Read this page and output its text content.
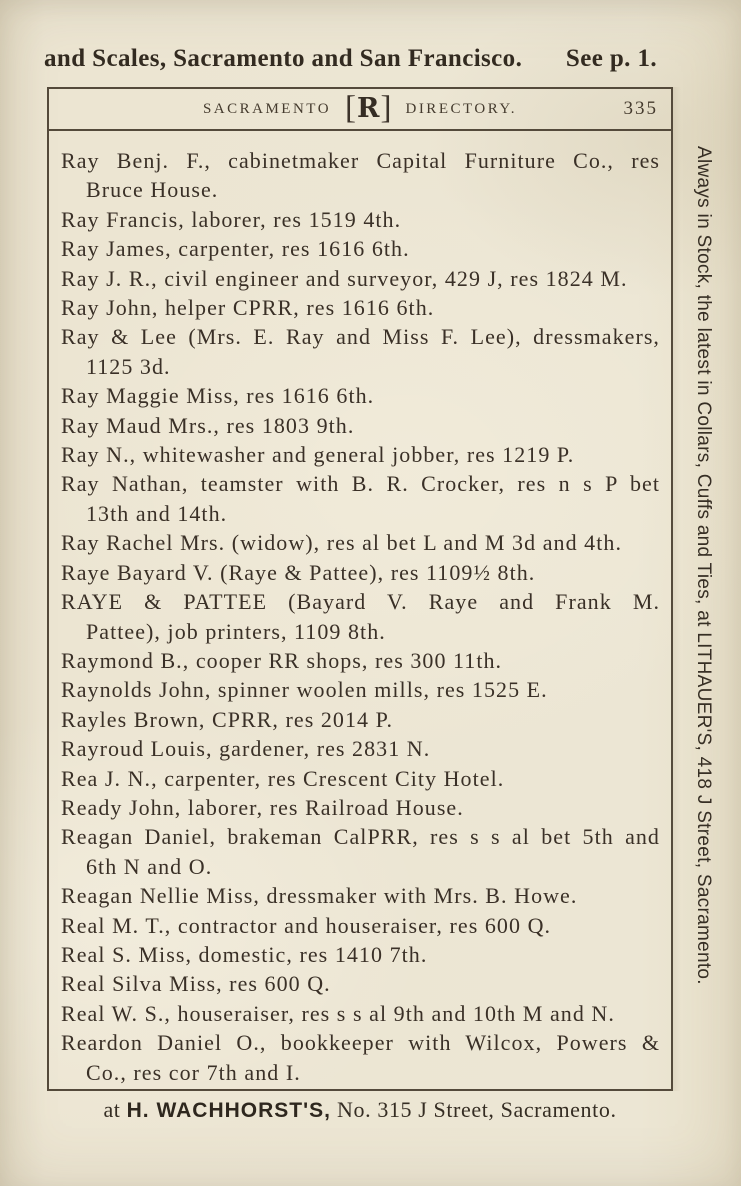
and Scales, Sacramento and San Francisco. See p. 1.
SACRAMENTO [ R ] DIRECTORY.	335
Ray Benj. F., cabinetmaker Capital Furniture Co., res
Bruce House.
Ray Francis, laborer, res 1519 4th.
Ray James, carpenter, res 1616 6th.
Ray J. R., civil engineer and surveyor, 429 J, res 1824 M.
Ray John, helper CPRR, res 1616 6th.
Ray & Lee (Mrs. E. Ray and Miss F. Lee), dressmakers,
1125 3d.
Ray Maggie Miss, res 1616 6th.
Ray Maud Mrs., res 1803 9th.
Ray N., whitewasher and general jobber, res 1219 P.
Ray Nathan, teamster with B. R. Crocker, res n s P bet
13th and 14th.
Ray Rachel Mrs. (widow), res al bet L and M 3d and 4th.
Raye Bayard V. (Raye & Pattee), res 1109½ 8th.
RAYE & PATTEE (Bayard V. Raye and Frank M.
Pattee), job printers, 1109 8th.
Raymond B., cooper RR shops, res 300 11th.
Raynolds John, spinner woolen mills, res 1525 E.
Rayles Brown, CPRR, res 2014 P.
Rayroud Louis, gardener, res 2831 N.
Rea J. N., carpenter, res Crescent City Hotel.
Ready John, laborer, res Railroad House.
Reagan Daniel, brakeman CalPRR, res s s al bet 5th and
6th N and O.
Reagan Nellie Miss, dressmaker with Mrs. B. Howe.
Real M. T., contractor and houseraiser, res 600 Q.
Real S. Miss, domestic, res 1410 7th.
Real Silva Miss, res 600 Q.
Real W. S., houseraiser, res s s al 9th and 10th M and N.
Reardon Daniel O., bookkeeper with Wilcox, Powers &
Co., res cor 7th and I.
at H. WACHHORST'S, No. 315 J Street, Sacramento.
Always in Stock, the latest in Collars, Cuffs and Ties, at LITHAUER'S, 418 J Street, Sacramento.
